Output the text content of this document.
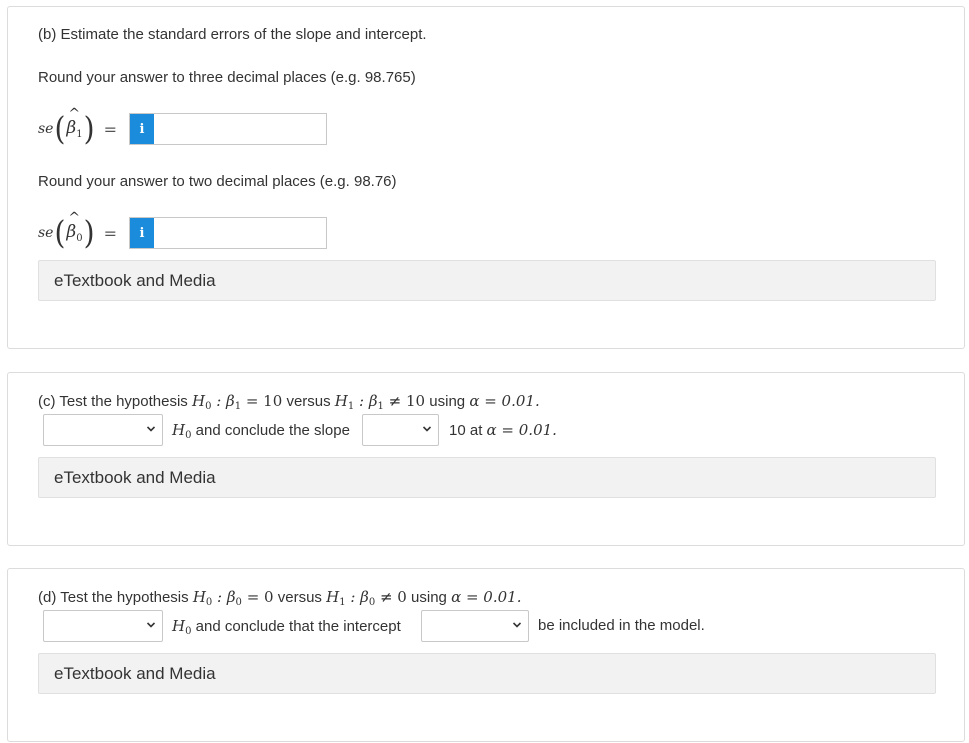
(b) Estimate the standard errors of the slope and intercept.
Round your answer to three decimal places (e.g. 98.765)
se ( ^
$\beta_1$ ) =	i
Round your answer to two decimal places (e.g. 98.76)
se ( ^
$\beta_0$ ) =	i
eTextbook and Media
(c) Test the hypothesis $H_0$ : $\beta_1 = 10$ versus $H_1$ : $\beta_1 \ne 10$ using α = 0.01.
$H_0$ and conclude the slope	10 at α = 0.01.
eTextbook and Media
(d) Test the hypothesis $H_0$ : $\beta_0 = 0$ versus $H_1$ : $\beta_0 \ne 0$ using α = 0.01.
$H_0$ and conclude that the intercept	be included in the model.
eTextbook and Media
